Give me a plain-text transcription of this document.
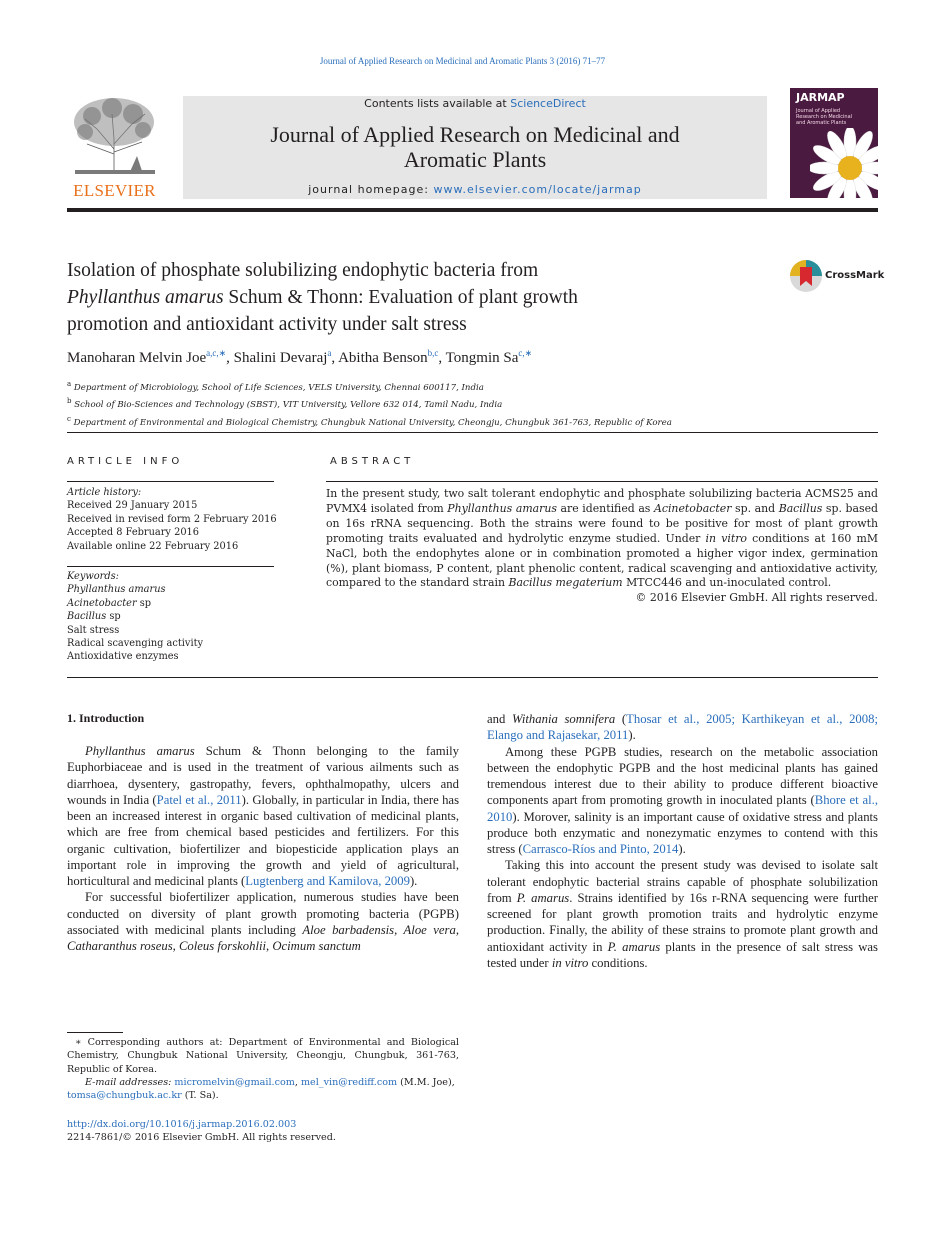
Journal of Applied Research on Medicinal and Aromatic Plants 3 (2016) 71–77
ELSEVIER
Contents lists available at ScienceDirect
Journal of Applied Research on Medicinal and
Aromatic Plants
journal homepage: www.elsevier.com/locate/jarmap
JARMAP
Journal of Applied Research on Medicinal and Aromatic Plants
Isolation of phosphate solubilizing endophytic bacteria from
Phyllanthus amarus Schum & Thonn: Evaluation of plant growth
promotion and antioxidant activity under salt stress
CrossMark
Manoharan Melvin Joe$^{a,c,∗}$, Shalini Devaraj$^a$, Abitha Benson$^{b,c}$, Tongmin $Sa^{c,∗}$
$^a$ Department of Microbiology, School of Life Sciences, VELS University, Chennai 600117, India
$^b$ School of Bio-Sciences and Technology (SBST), VIT University, Vellore 632 014, Tamil Nadu, India
$^c$ Department of Environmental and Biological Chemistry, Chungbuk National University, Cheongju, Chungbuk 361-763, Republic of Korea
ARTICLE INFO	ABSTRACT
Article history:
Received 29 January 2015
Received in revised form 2 February 2016
Accepted 8 February 2016
Available online 22 February 2016
Keywords:
Phyllanthus amarus
Acinetobacter sp
Bacillus sp
Salt stress
Radical scavenging activity
Antioxidative enzymes
In the present study, two salt tolerant endophytic and phosphate solubilizing bacteria ACMS25 and PVMX4 isolated from Phyllanthus amarus are identified as Acinetobacter sp. and Bacillus sp. based on 16s rRNA sequencing. Both the strains were found to be positive for most of plant growth promoting traits evaluated and hydrolytic enzyme studied. Under in vitro conditions at 160 mM NaCl, both the endophytes alone or in combination promoted a higher vigor index, germination (%), plant biomass, P content, plant phenolic content, radical scavenging and antioxidative activity, compared to the standard strain Bacillus megaterium MTCC446 and un-inoculated control.
© 2016 Elsevier GmbH. All rights reserved.
1. Introduction

Phyllanthus amarus Schum & Thonn belonging to the family Euphorbiaceae and is used in the treatment of various ailments such as diarrhoea, dysentery, gastropathy, fevers, ophthalmopathy, ulcers and wounds in India (Patel et al., 2011). Globally, in particular in India, there has been an increased interest in organic based cultivation of medicinal plants, which are free from chemical based pesticides and fertilizers. For this organic cultivation, biofertilizer and biopesticide application plays an important role in improving the growth and yield of agricultural, horticultural and medicinal plants (Lugtenberg and Kamilova, 2009).

For successful biofertilizer application, numerous studies have been conducted on diversity of plant growth promoting bacteria (PGPB) associated with medicinal plants including Aloe barbadensis, Aloe vera, Catharanthus roseus, Coleus forskohlii, Ocimum sanctum

and Withania somnifera (Thosar et al., 2005; Karthikeyan et al., 2008; Elango and Rajasekar, 2011).

Among these PGPB studies, research on the metabolic association between the endophytic PGPB and the host medicinal plants has gained tremendous interest due to their ability to produce different bioactive components apart from promoting growth in inoculated plants (Bhore et al., 2010). Morover, salinity is an important cause of oxidative stress and plants produce both enzymatic and nonezymatic enzymes to contend with this stress (Carrasco-Ríos and Pinto, 2014).

Taking this into account the present study was devised to isolate salt tolerant endophytic bacterial strains capable of phosphate solubilization from P. amarus. Strains identified by 16s r-RNA sequencing were further screened for plant growth promotion traits and hydrolytic enzyme production. Finally, the ability of these strains to promote plant growth and antioxidant activity in P. amarus plants in the presence of salt stress was tested under in vitro conditions.

∗ Corresponding authors at: Department of Environmental and Biological Chemistry, Chungbuk National University, Cheongju, Chungbuk, 361-763, Republic of Korea.
E-mail addresses: micromelvin@gmail.com, mel_vin@rediff.com (M.M. Joe),
tomsa@chungbuk.ac.kr (T. Sa).
http://dx.doi.org/10.1016/j.jarmap.2016.02.003
2214-7861/© 2016 Elsevier GmbH. All rights reserved.
